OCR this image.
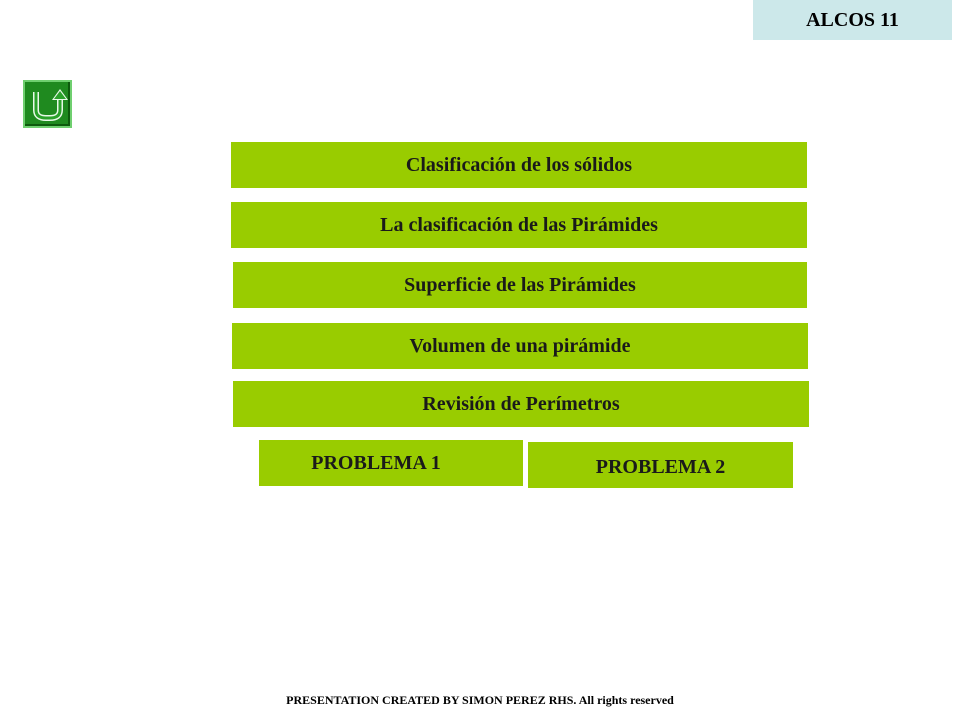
ALCOS 11
Clasificación de los sólidos
La clasificación de las Pirámides
Superficie de las Pirámides
Volumen de una pirámide
Revisión de Perímetros
PROBLEMA 1	PROBLEMA 2
PRESENTATION CREATED BY SIMON PEREZ RHS. All rights reserved
